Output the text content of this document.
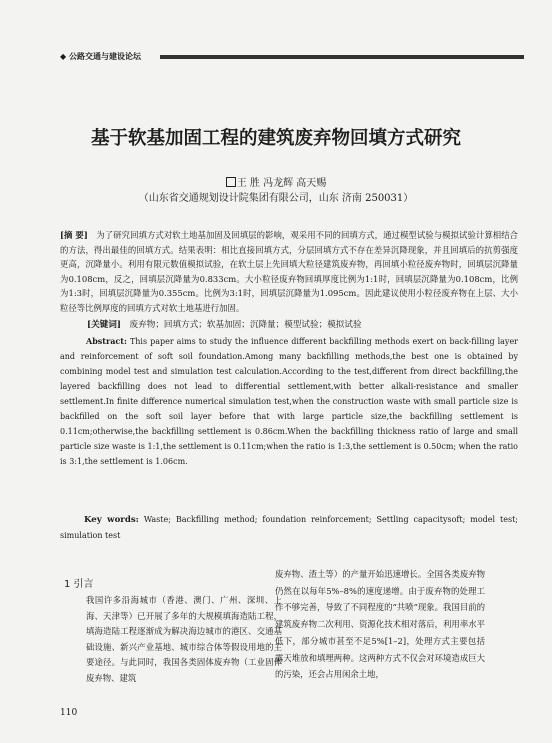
◆ 公路交通与建设论坛
基于软基加固工程的建筑废弃物回填方式研究
王 胜 冯龙辉 高天赐
（山东省交通规划设计院集团有限公司，山东 济南 250031）
[摘 要]　 为了研究回填方式对软土地基加固及回填层的影响，观采用不同的回填方式，通过模型试验与模拟试验计算相结合的方法，得出最佳的回填方式。结果表明：相比直接回填方式，分层回填方式不存在差异沉降现象，并且回填后的抗剪强度更高，沉降量小。利用有限元数值模拟试验，在软土层上先回填大粒径建筑废弃物，再回填小粒径废弃物时，回填层沉降量为0.108cm，反之，回填层沉降量为0.833cm。大小粒径废弃物回填厚度比例为1:1时，回填层沉降量为0.108cm，比例为1:3时，回填层沉降量为0.355cm。比例为3:1时，回填层沉降量为1.095cm。因此建议使用小粒径废弃物在上层、大小粒径等比例厚度的回填方式对软土地基进行加固。
[关键词]　 废弃物；回填方式；软基加固；沉降量；模型试验；模拟试验
Abstract: This paper aims to study the influence different backfilling methods exert on back-filling layer and reinforcement of soft soil foundation.Among many backfilling methods,the best one is obtained by combining model test and simulation test calculation.According to the test,different from direct backfilling,the layered backfilling does not lead to differential settlement,with better alkali-resistance and smaller settlement.In finite difference numerical simulation test,when the construction waste with small particle size is backfilled on the soft soil layer before that with large particle size,the backfilling settlement is 0.11cm;otherwise,the backfilling settlement is 0.86cm.When the backfilling thickness ratio of large and small particle size waste is 1:1,the settlement is 0.11cm;when the ratio is 1:3,the settlement is 0.50cm; when the ratio is 3:1,the settlement is 1.06cm.
Key words: Waste; Backfilling method; foundation reinforcement; Settling capacitysoft; model test; simulation test
1 引言
我国许多沿海城市（香港、澳门、广州、深圳、上海、天津等）已开展了多年的大规模填海造陆工程，填海造陆工程逐渐成为解决海边城市的港区、交通基础设施、新兴产业基地、城市综合体等假设用地的主要途径。与此同时，我国各类固体废弃物（工业固体废弃物、建筑
废弃物、渣土等）的产量开始迅速增长。全国各类废弃物仍然在以每年5%–8%的速度递增。由于废弃物的处理工作不够完善，导致了不同程度的“共喷”现象。我国目前的建筑废弃物二次利用、资源化技术相对落后，利用率水平低下，部分城市甚至不足5%[1–2]，处理方式主要包括露天堆放和填埋两种。这两种方式不仅会对环境造成巨大的污染，还会占用闲余土地，
110
